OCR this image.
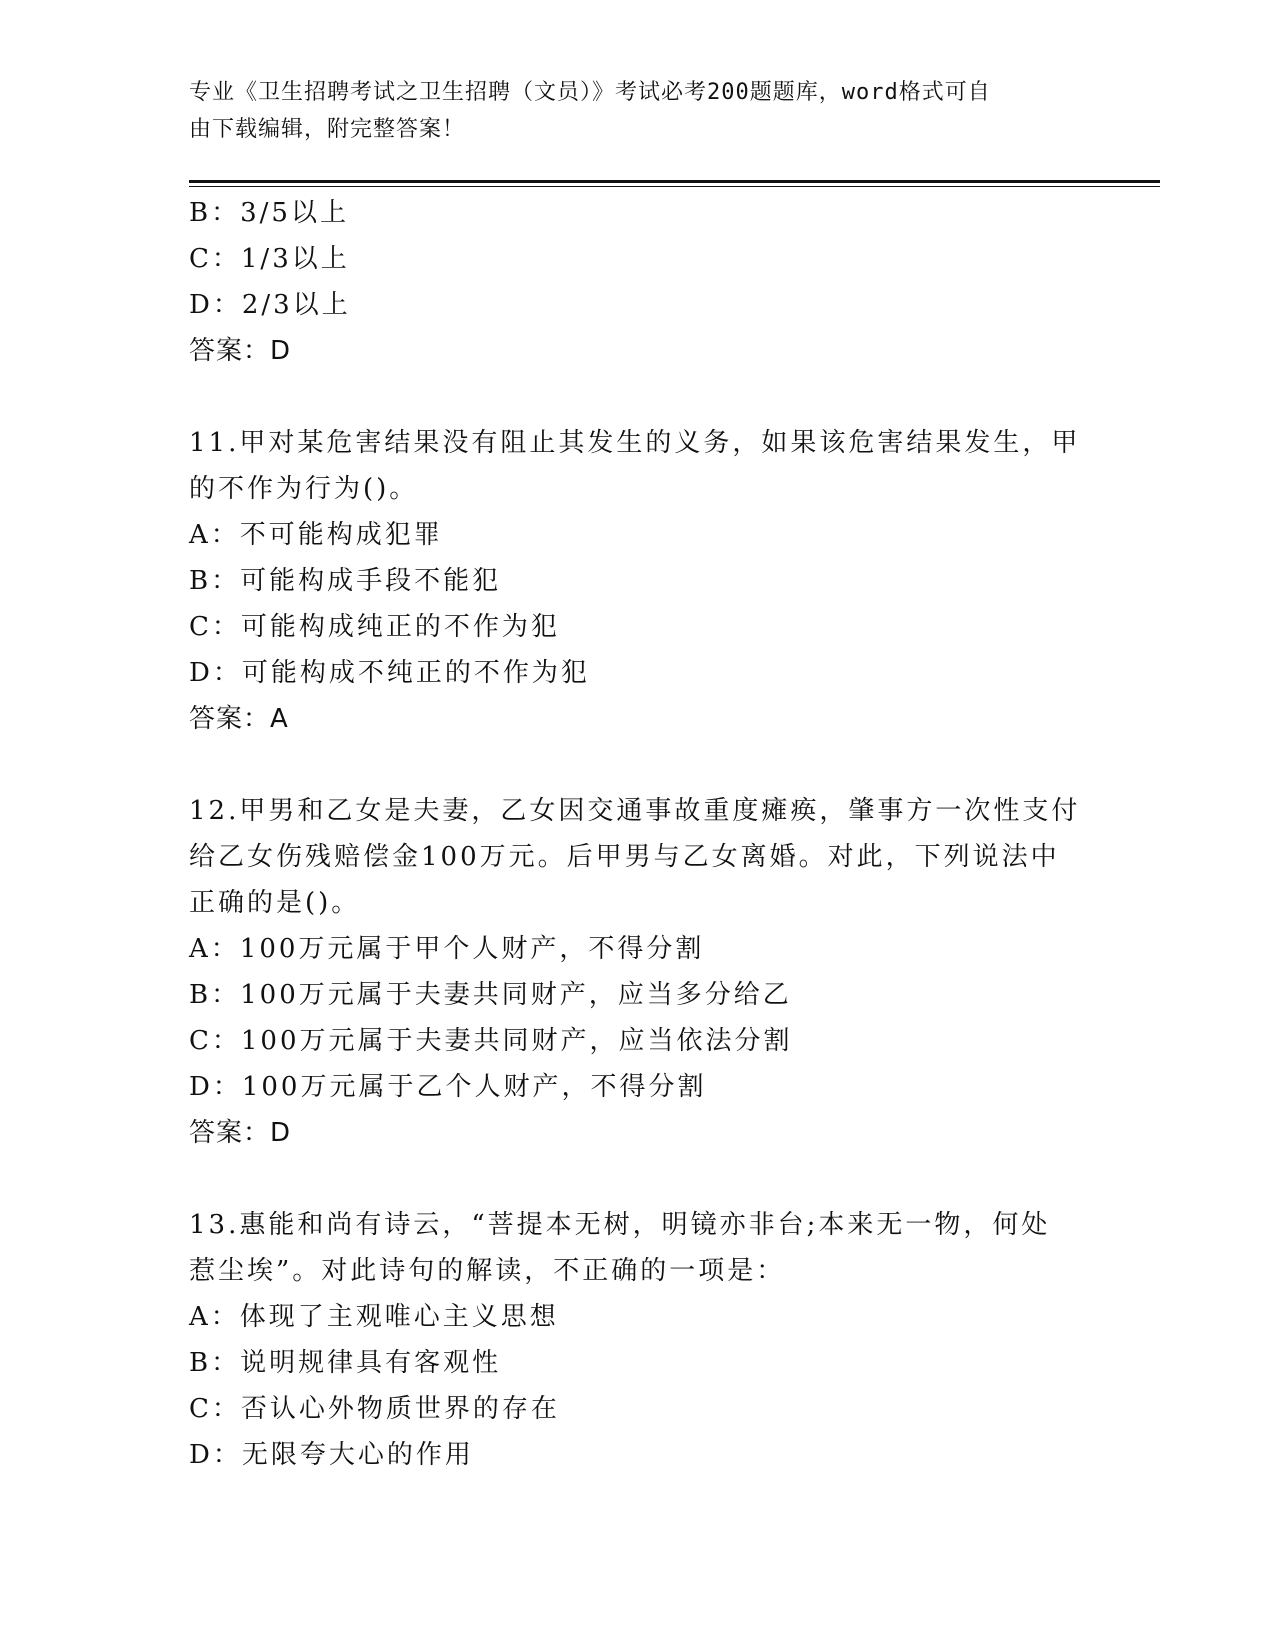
专业《卫生招聘考试之卫生招聘（文员）》考试必考200题题库，word格式可自
由下载编辑，附完整答案！
B：3/5以上
C：1/3以上
D：2/3以上
答案：D
11.甲对某危害结果没有阻止其发生的义务，如果该危害结果发生，甲
的不作为行为()。
A：不可能构成犯罪
B：可能构成手段不能犯
C：可能构成纯正的不作为犯
D：可能构成不纯正的不作为犯
答案：A
12.甲男和乙女是夫妻，乙女因交通事故重度瘫痪，肇事方一次性支付
给乙女伤残赔偿金100万元。后甲男与乙女离婚。对此，下列说法中
正确的是()。
A：100万元属于甲个人财产，不得分割
B：100万元属于夫妻共同财产，应当多分给乙
C：100万元属于夫妻共同财产，应当依法分割
D：100万元属于乙个人财产，不得分割
答案：D
13.惠能和尚有诗云，“菩提本无树，明镜亦非台;本来无一物，何处
惹尘埃”。对此诗句的解读，不正确的一项是：
A：体现了主观唯心主义思想
B：说明规律具有客观性
C：否认心外物质世界的存在
D：无限夸大心的作用
